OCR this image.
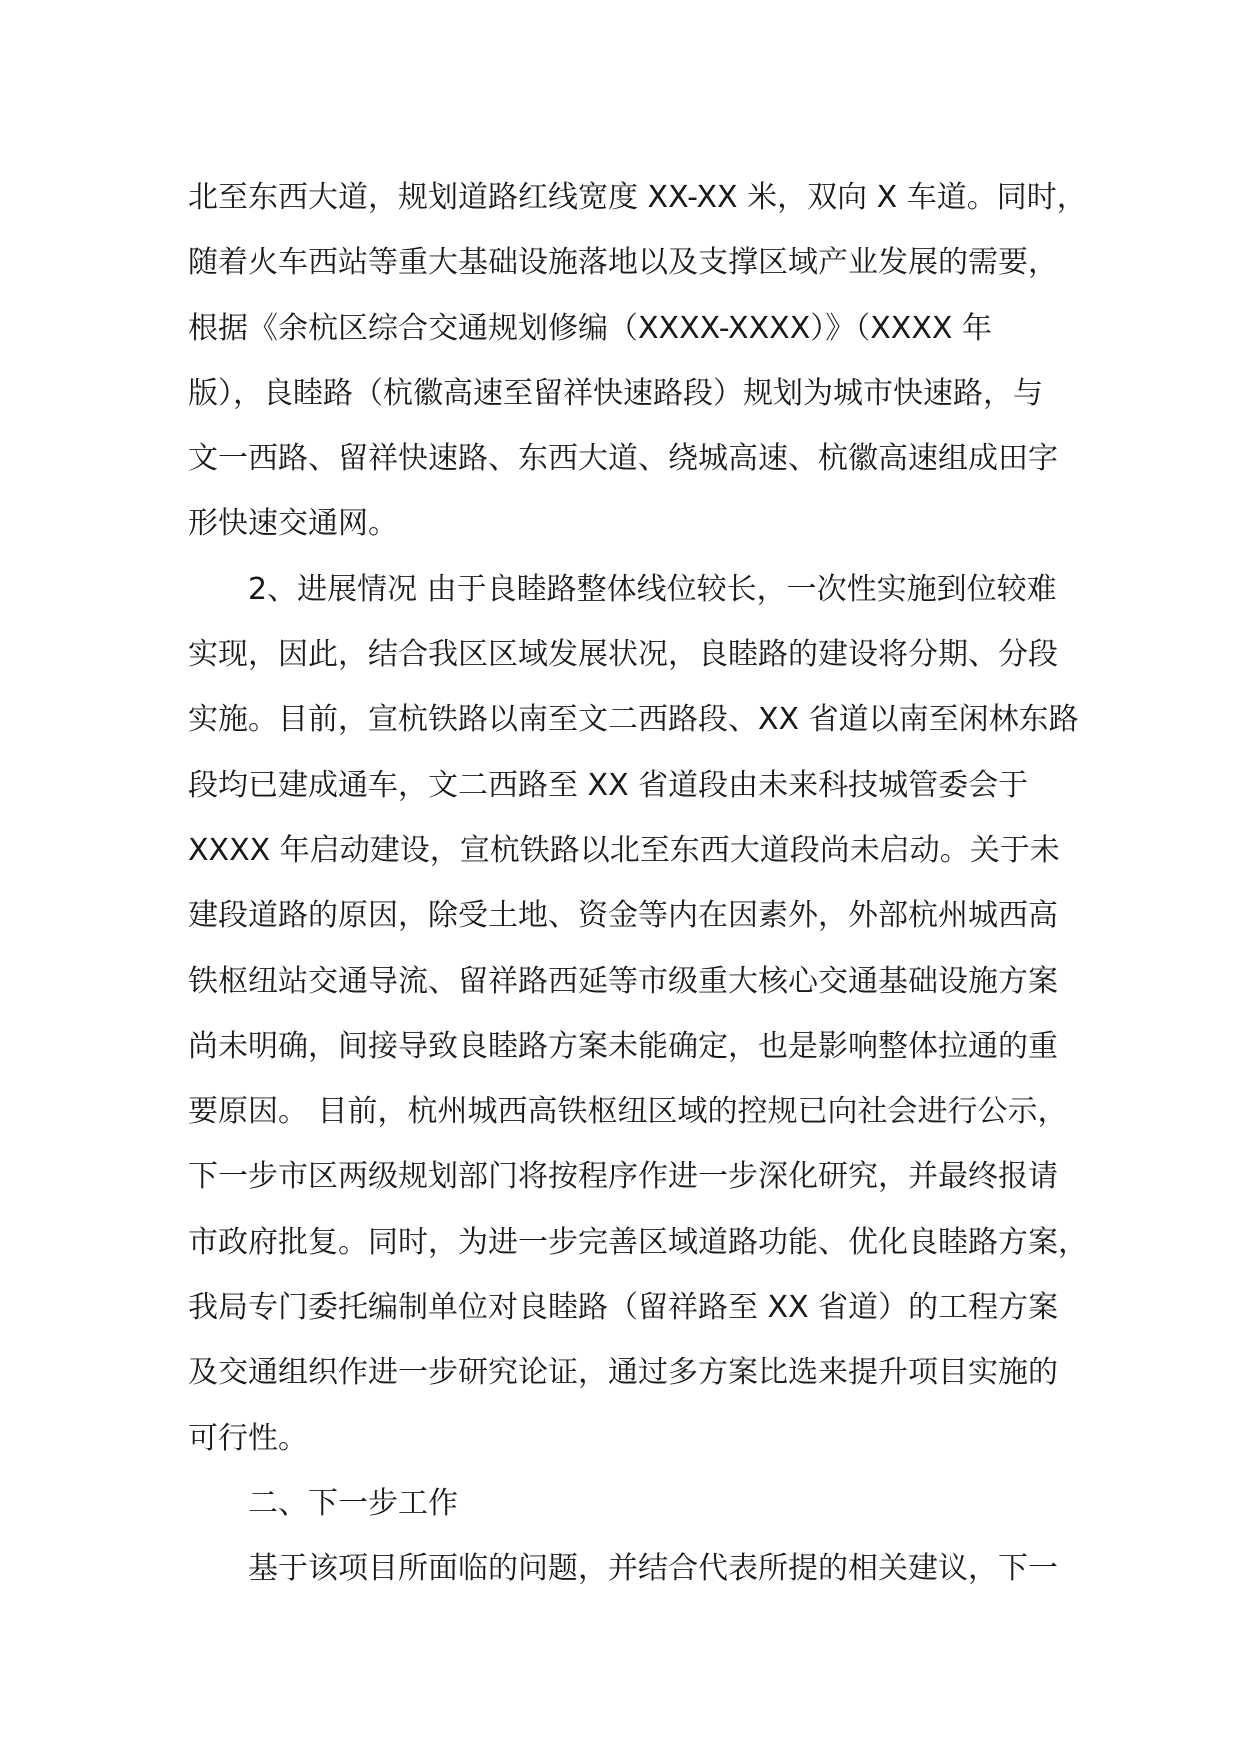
北至东西大道，规划道路红线宽度 XX-XX 米，双向 X 车道。同时，
随着火车西站等重大基础设施落地以及支撑区域产业发展的需要，
根据《余杭区综合交通规划修编（XXXX-XXXX）》（XXXX 年
版），良睦路（杭徽高速至留祥快速路段）规划为城市快速路，与
文一西路、留祥快速路、东西大道、绕城高速、杭徽高速组成田字
形快速交通网。
2、进展情况 由于良睦路整体线位较长，一次性实施到位较难
实现，因此，结合我区区域发展状况，良睦路的建设将分期、分段
实施。目前，宣杭铁路以南至文二西路段、XX 省道以南至闲林东路
段均已建成通车，文二西路至 XX 省道段由未来科技城管委会于
XXXX 年启动建设，宣杭铁路以北至东西大道段尚未启动。关于未
建段道路的原因，除受土地、资金等内在因素外，外部杭州城西高
铁枢纽站交通导流、留祥路西延等市级重大核心交通基础设施方案
尚未明确，间接导致良睦路方案未能确定，也是影响整体拉通的重
要原因。 目前，杭州城西高铁枢纽区域的控规已向社会进行公示，
下一步市区两级规划部门将按程序作进一步深化研究，并最终报请
市政府批复。同时，为进一步完善区域道路功能、优化良睦路方案，
我局专门委托编制单位对良睦路（留祥路至 XX 省道）的工程方案
及交通组织作进一步研究论证，通过多方案比选来提升项目实施的
可行性。
二、下一步工作
基于该项目所面临的问题，并结合代表所提的相关建议，下一
